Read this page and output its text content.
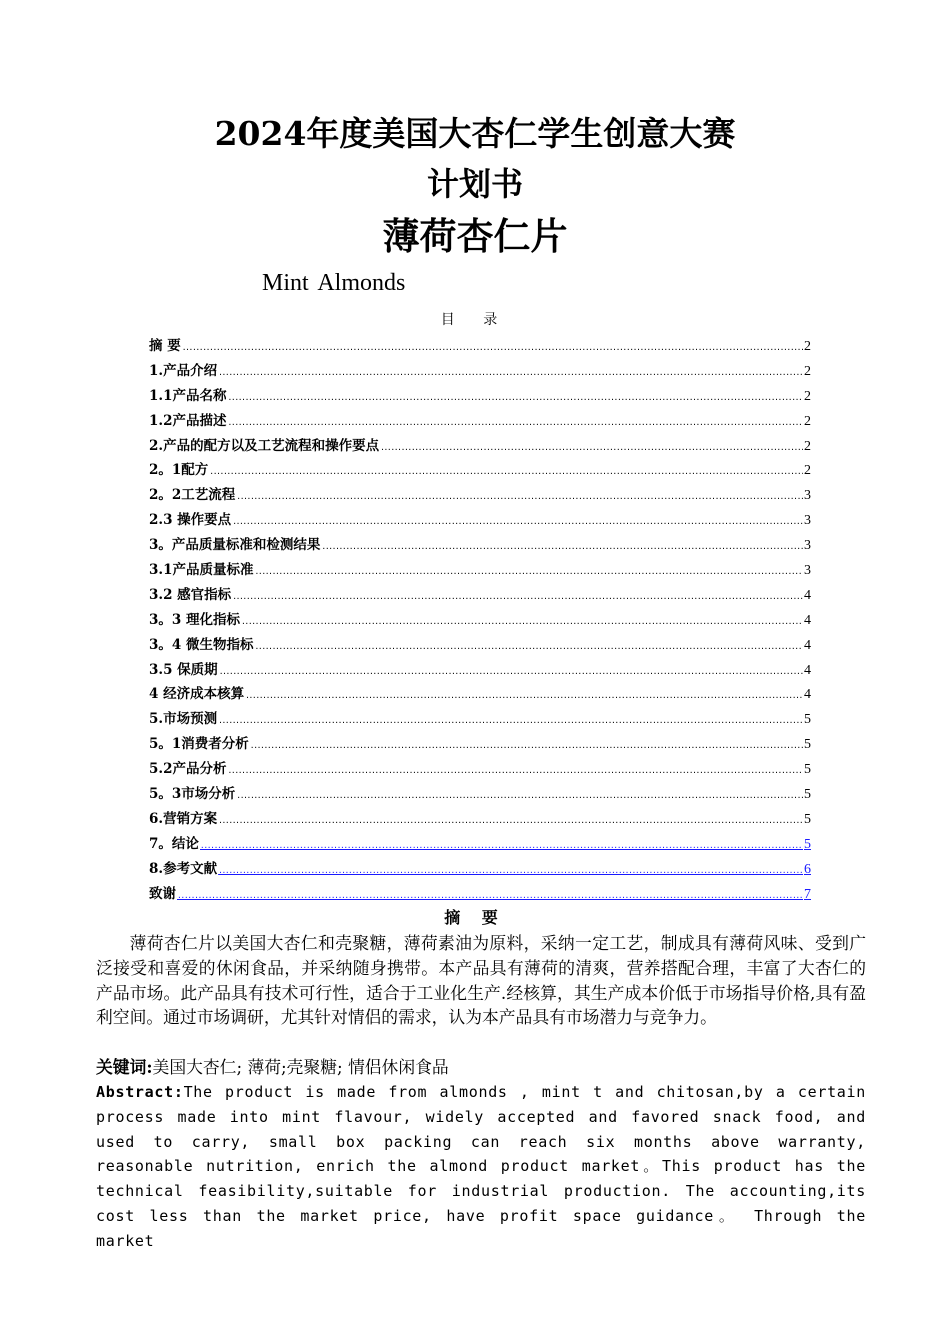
2024年度美国大杏仁学生创意大赛
计划书
薄荷杏仁片
Mint Almonds
目 录
摘 要 .....	2
1.产品介绍 .....	2
1.1产品名称 .....	2
1.2产品描述 .....	2
2.产品的配方以及工艺流程和操作要点 .....	2
2。1配方 .....	2
2。2工艺流程 .....	3
2.3 操作要点 .....	3
3。产品质量标准和检测结果 .....	3
3.1产品质量标准 .....	3
3.2 感官指标 .....	4
3。3 理化指标 .....	4
3。4 微生物指标 .....	4
3.5 保质期 .....	4
4 经济成本核算 .....	4
5.市场预测 .....	5
5。1消费者分析 .....	5
5.2产品分析 .....	5
5。3市场分析 .....	5
6.营销方案 .....	5
7。结论 .....	5
8.参考文献 .....	6
致谢 .....	7
摘 要

薄荷杏仁片以美国大杏仁和壳聚糖，薄荷素油为原料，采纳一定工艺，制成具有薄荷风味、受到广泛接受和喜爱的休闲食品，并采纳随身携带。本产品具有薄荷的清爽，营养搭配合理，丰富了大杏仁的产品市场。此产品具有技术可行性，适合于工业化生产.经核算，其生产成本价低于市场指导价格,具有盈利空间。通过市场调研，尤其针对情侣的需求，认为本产品具有市场潜力与竞争力。

关键词:美国大杏仁; 薄荷;壳聚糖; 情侣休闲食品

Abstract:The product is made from almonds , mint t and chitosan,by a certain process made into mint flavour, widely accepted and favored snack food, and used to carry, small box packing can reach six months above warranty, reasonable nutrition, enrich the almond product market。This product has the technical feasibility,suitable for industrial production. The accounting,its cost less than the market price, have profit space guidance。 Through the market
